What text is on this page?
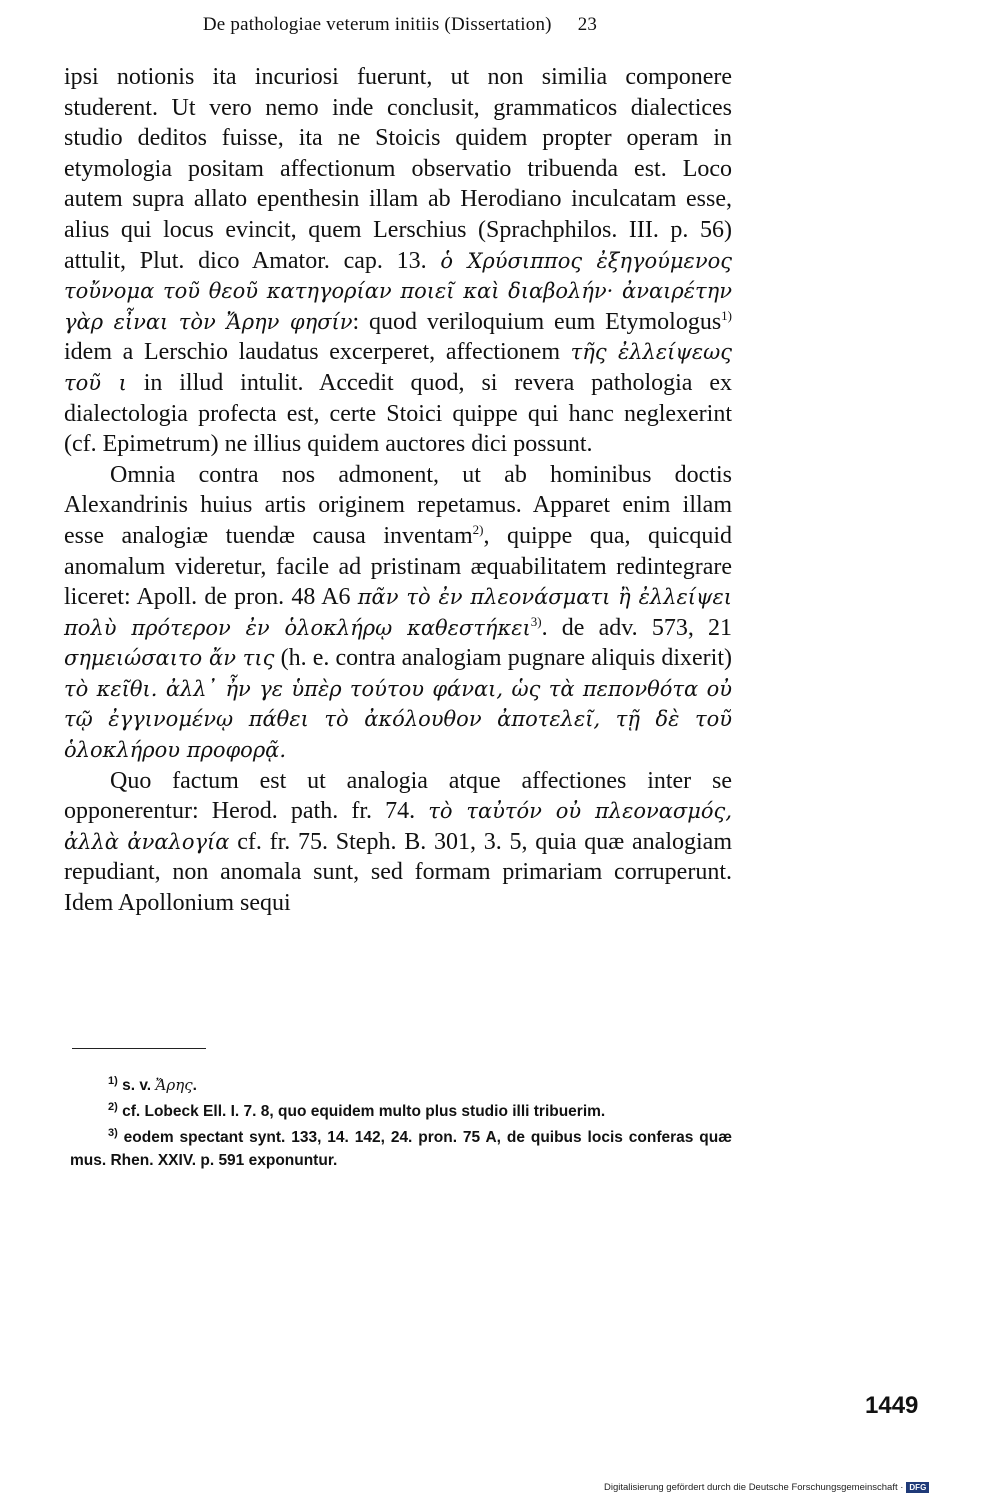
De pathologiae veterum initiis (Dissertation) 23

ipsi notionis ita incuriosi fuerunt, ut non similia componere studerent. Ut vero nemo inde conclusit, grammaticos dialectices studio deditos fuisse, ita ne Stoicis quidem propter operam in etymologia positam affectionum observatio tribuenda est. Loco autem supra allato epenthesin illam ab Herodiano inculcatam esse, alius qui locus evincit, quem Lerschius (Sprachphilos. III. p. 56) attulit, Plut. dico Amator. cap. 13. ὁ Χρύσιππος ἐξηγούμενος τοὔνομα τοῦ θεοῦ κατηγορίαν ποιεῖ καὶ διαβολήν· ἀναιρέτην γὰρ εἶναι τὸν Ἄρην φησίν: quod veriloquium eum Etymologus$^{1)}$ idem a Lerschio laudatus excerperet, affectionem τῆς ἐλλείψεως τοῦ ι in illud intulit. Accedit quod, si revera pathologia ex dialectologia profecta est, certe Stoici quippe qui hanc neglexerint (cf. Epimetrum) ne illius quidem auctores dici possunt.

Omnia contra nos admonent, ut ab hominibus doctis Alexandrinis huius artis originem repetamus. Apparet enim illam esse analogiæ tuendæ causa inventam$^{2)}$, quippe qua, quicquid anomalum videretur, facile ad pristinam æquabilitatem redintegrare liceret: Apoll. de pron. 48 A6 πᾶν τὸ ἐν πλεονάσματι ἢ ἐλλείψει πολὺ πρότερον ἐν ὁλοκλήρῳ καθεστήκει$^{3)}$. de adv. 573, 21 σημειώσαιτο ἄν τις (h. e. contra analogiam pugnare aliquis dixerit) τὸ κεῖθι. ἀλλ᾽ ἦν γε ὑπὲρ τούτου φάναι, ὡς τὰ πεπονθότα οὐ τῷ ἐγγινομένῳ πάθει τὸ ἀκόλουθον ἀποτελεῖ, τῇ δὲ τοῦ ὁλοκλήρου προφορᾷ.

Quo factum est ut analogia atque affectiones inter se opponerentur: Herod. path. fr. 74. τὸ ταὐτόν οὐ πλεονασμός, ἀλλὰ ἀναλογία cf. fr. 75. Steph. B. 301, 3. 5, quia quæ analogiam repudiant, non anomala sunt, sed formam primariam corruperunt. Idem Apollonium sequi

$^{1)}$ s. v. Ἄρης.

$^{2)}$ cf. Lobeck Ell. I. 7. 8, quo equidem multo plus studio illi tribuerim.

$^{3)}$ eodem spectant synt. 133, 14. 142, 24. pron. 75 A, de quibus locis conferas quæ mus. Rhen. XXIV. p. 591 exponuntur.

1449
Digitalisierung gefördert durch die Deutsche Forschungsgemeinschaft · DFG
